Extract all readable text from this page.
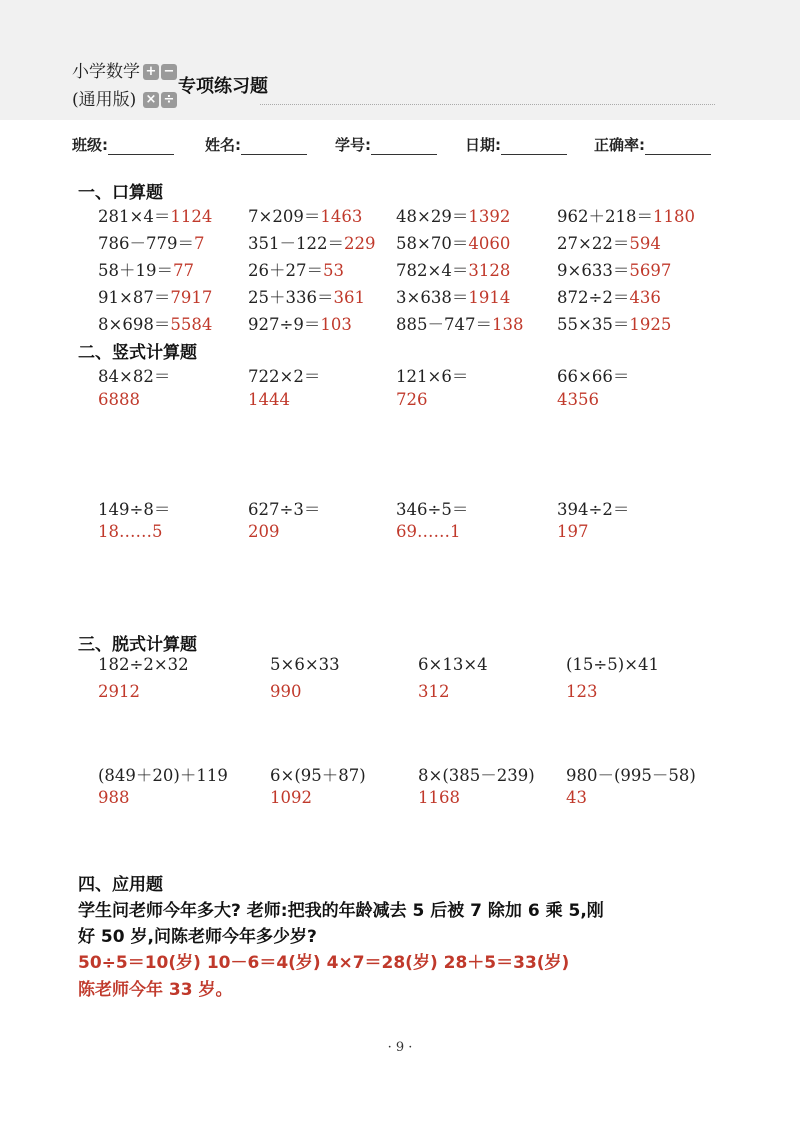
小学数学
(通用版)
+ −
× ÷
专项练习题
班级:	姓名:	学号:	日期:	正确率:
一、口算题
281×4＝1124 7×209＝1463 48×29＝1392	962＋218＝1180
786－779＝7	351－122＝229 58×70＝4060	27×22＝594
58＋19＝77	26＋27＝53	782×4＝3128	9×633＝5697
91×87＝7917 25＋336＝361 3×638＝1914	872÷2＝436
8×698＝5584 927÷9＝103	885－747＝138 55×35＝1925
二、竖式计算题
84×82＝	722×2＝	121×6＝	66×66＝
6888	1444	726	4356
149÷8＝	627÷3＝	346÷5＝	394÷2＝
18……5	209	69……1	197
三、脱式计算题
182÷2×32	5×6×33	6×13×4	(15÷5)×41
2912	990	312	123
(849＋20)＋119	6×(95＋87)	8×(385－239) 980－(995－58)
988	1092	1168	43
四、应用题
学生问老师今年多大? 老师:把我的年龄减去 5 后被 7 除加 6 乘 5,刚
好 50 岁,问陈老师今年多少岁?
50÷5＝10(岁) 10－6＝4(岁) 4×7＝28(岁) 28＋5＝33(岁)
陈老师今年 33 岁。
· 9 ·
